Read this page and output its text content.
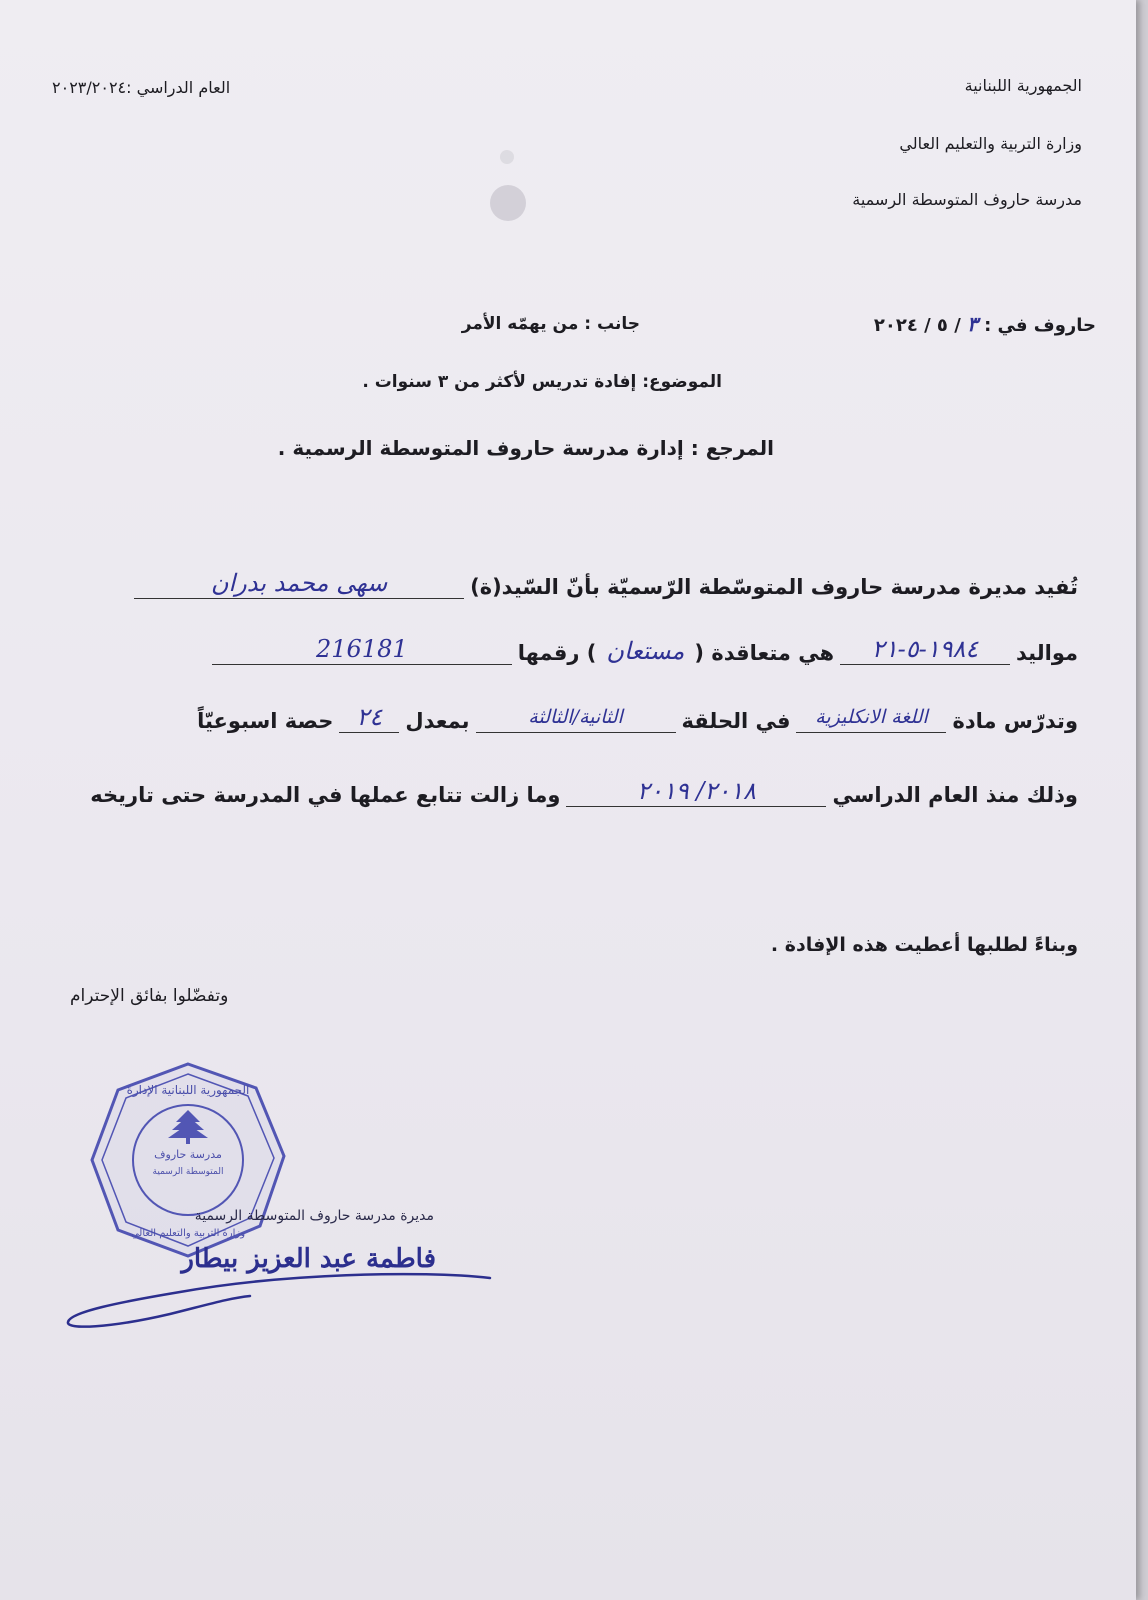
الجمهورية اللبنانية
وزارة التربية والتعليم العالي
مدرسة حاروف المتوسطة الرسمية
العام الدراسي :٢٠٢٣/٢٠٢٤
حاروف في : ٣ / ٥ / ٢٠٢٤
جانب : من يهمّه الأمر
الموضوع: إفادة تدريس لأكثر من ٣ سنوات .
المرجع : إدارة مدرسة حاروف المتوسطة الرسمية .
تُفيد مديرة مدرسة حاروف المتوسّطة الرّسميّة بأنّ السّيد(ة)
سهى محمد بدران
مواليد
١٩٨٤-٥-٢١
هي متعاقدة (
مستعان
) رقمها
216181
وتدرّس مادة
اللغة الانكليزية
في الحلقة
الثانية/الثالثة
بمعدل
٢٤
حصة اسبوعيّاً
وذلك منذ العام الدراسي
٢٠١٨/ ٢٠١٩
وما زالت تتابع عملها في المدرسة حتى تاريخه
وبناءً لطلبها أعطيت هذه الإفادة .
وتفضّلوا بفائق الإحترام
مدرسة حاروف
المتوسطة الرسمية
الجمهورية اللبنانية الإدارة
وزارة التربية والتعليم العالي
مديرة مدرسة حاروف المتوسطة الرسمية
فاطمة عبد العزيز بيطار
